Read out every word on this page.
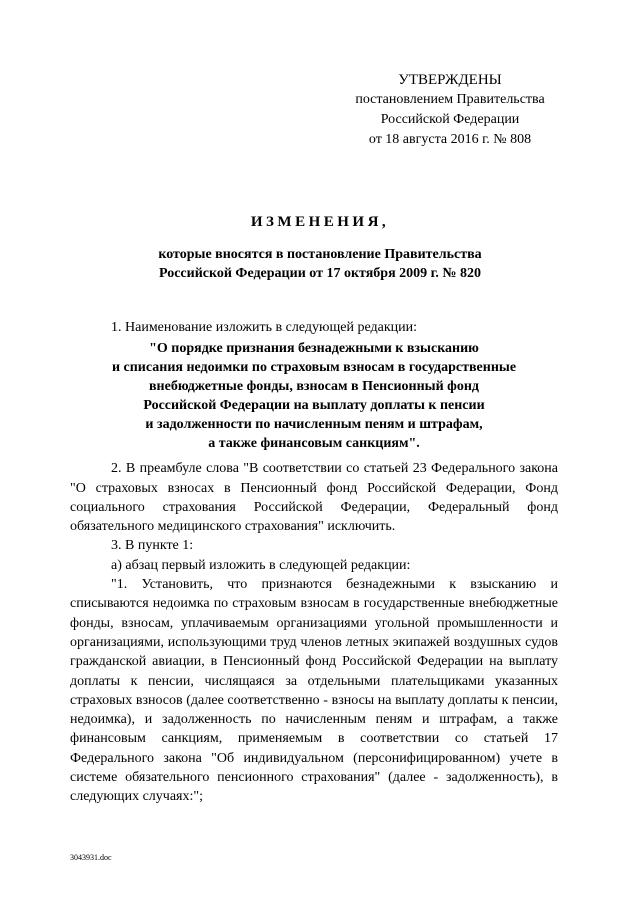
УТВЕРЖДЕНЫ
постановлением Правительства
Российской Федерации
от 18 августа 2016 г. № 808
ИЗМЕНЕНИЯ,
которые вносятся в постановление Правительства
Российской Федерации от 17 октября 2009 г. № 820

1. Наименование изложить в следующей редакции:

"О порядке признания безнадежными к взысканию
и списания недоимки по страховым взносам в государственные
внебюджетные фонды, взносам в Пенсионный фонд
Российской Федерации на выплату доплаты к пенсии
и задолженности по начисленным пеням и штрафам,
а также финансовым санкциям".

2. В преамбуле слова "В соответствии со статьей 23 Федерального закона "О страховых взносах в Пенсионный фонд Российской Федерации, Фонд социального страхования Российской Федерации, Федеральный фонд обязательного медицинского страхования" исключить.

3. В пункте 1:

а) абзац первый изложить в следующей редакции:

"1. Установить, что признаются безнадежными к взысканию и списываются недоимка по страховым взносам в государственные внебюджетные фонды, взносам, уплачиваемым организациями угольной промышленности и организациями, использующими труд членов летных экипажей воздушных судов гражданской авиации, в Пенсионный фонд Российской Федерации на выплату доплаты к пенсии, числящаяся за отдельными плательщиками указанных страховых взносов (далее соответственно - взносы на выплату доплаты к пенсии, недоимка), и задолженность по начисленным пеням и штрафам, а также финансовым санкциям, применяемым в соответствии со статьей 17 Федерального закона "Об индивидуальном (персонифицированном) учете в системе обязательного пенсионного страхования" (далее - задолженность), в следующих случаях:";

3043931.doc
